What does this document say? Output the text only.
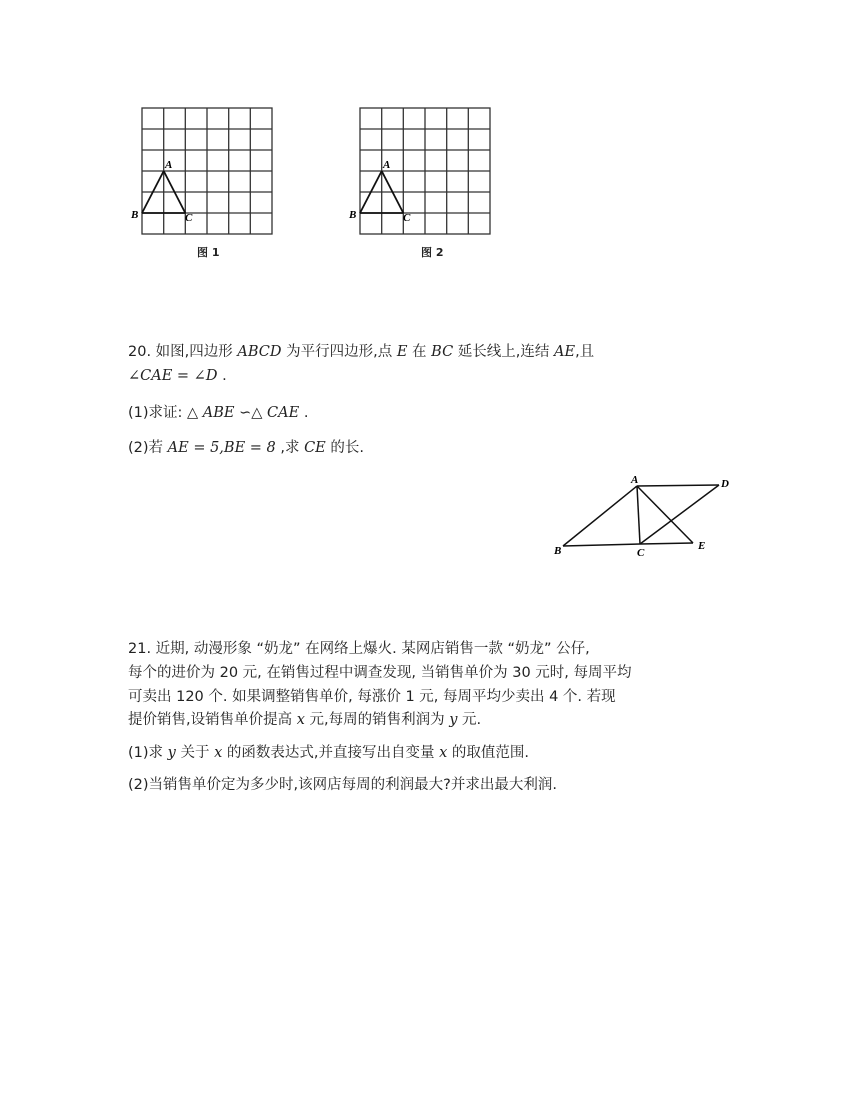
A
B	C
图 1
A
B	C
图 2
20. 如图,四边形 ABCD 为平行四边形,点 E 在 BC 延长线上,连结 AE,且
∠CAE = ∠D .
(1)求证: △ ABE ∽△ CAE .
(2)若 AE = 5,BE = 8 ,求 CE 的长.
A	D
B	C
E
21. 近期, 动漫形象 “奶龙” 在网络上爆火. 某网店销售一款 “奶龙” 公仔,
每个的进价为 20 元, 在销售过程中调查发现, 当销售单价为 30 元时, 每周平均
可卖出 120 个. 如果调整销售单价, 每涨价 1 元, 每周平均少卖出 4 个. 若现
提价销售,设销售单价提高 x 元,每周的销售利润为 y 元.
(1)求 y 关于 x 的函数表达式,并直接写出自变量 x 的取值范围.
(2)当销售单价定为多少时,该网店每周的利润最大?并求出最大利润.
